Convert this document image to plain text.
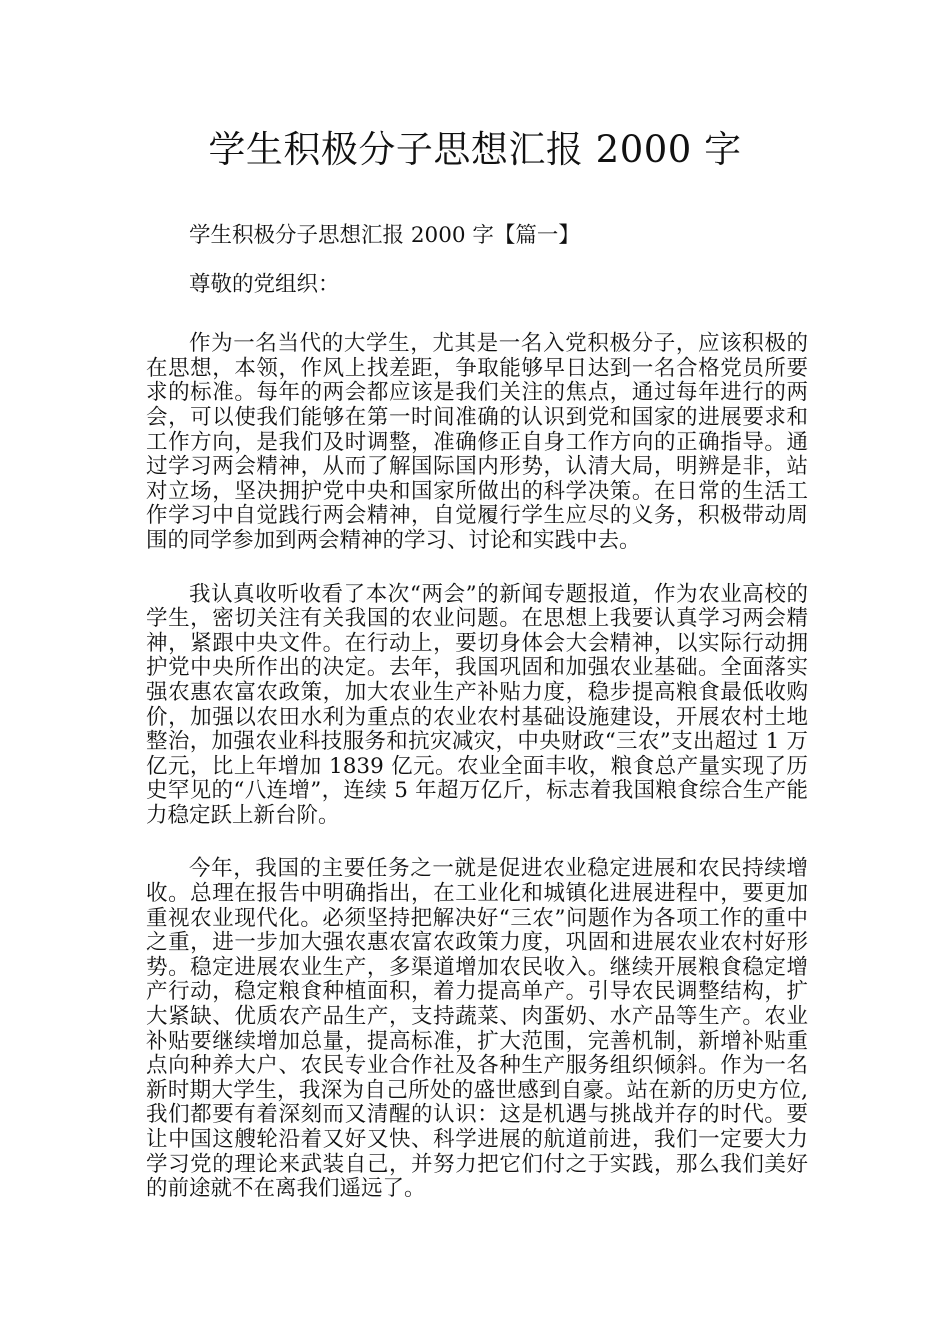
学生积极分子思想汇报 2000 字

学生积极分子思想汇报 2000 字【篇一】

尊敬的党组织：

作为一名当代的大学生，尤其是一名入党积极分子，应该积极的在思想，本领，作风上找差距，争取能够早日达到一名合格党员所要求的标准。每年的两会都应该是我们关注的焦点，通过每年进行的两会，可以使我们能够在第一时间准确的认识到党和国家的进展要求和工作方向，是我们及时调整，准确修正自身工作方向的正确指导。通过学习两会精神，从而了解国际国内形势，认清大局，明辨是非，站对立场，坚决拥护党中央和国家所做出的科学决策。在日常的生活工作学习中自觉践行两会精神，自觉履行学生应尽的义务，积极带动周围的同学参加到两会精神的学习、讨论和实践中去。

我认真收听收看了本次“两会”的新闻专题报道，作为农业高校的学生，密切关注有关我国的农业问题。在思想上我要认真学习两会精神，紧跟中央文件。在行动上，要切身体会大会精神，以实际行动拥护党中央所作出的决定。去年，我国巩固和加强农业基础。全面落实强农惠农富农政策，加大农业生产补贴力度，稳步提高粮食最低收购价，加强以农田水利为重点的农业农村基础设施建设，开展农村土地整治，加强农业科技服务和抗灾减灾，中央财政“三农”支出超过 1 万亿元，比上年增加 1839 亿元。农业全面丰收，粮食总产量实现了历史罕见的“八连增”，连续 5 年超万亿斤，标志着我国粮食综合生产能力稳定跃上新台阶。

今年，我国的主要任务之一就是促进农业稳定进展和农民持续增收。总理在报告中明确指出，在工业化和城镇化进展进程中，要更加重视农业现代化。必须坚持把解决好“三农”问题作为各项工作的重中之重，进一步加大强农惠农富农政策力度，巩固和进展农业农村好形势。稳定进展农业生产，多渠道增加农民收入。继续开展粮食稳定增产行动，稳定粮食种植面积，着力提高单产。引导农民调整结构，扩大紧缺、优质农产品生产，支持蔬菜、肉蛋奶、水产品等生产。农业补贴要继续增加总量，提高标准，扩大范围，完善机制，新增补贴重点向种养大户、农民专业合作社及各种生产服务组织倾斜。作为一名新时期大学生，我深为自己所处的盛世感到自豪。站在新的历史方位,我们都要有着深刻而又清醒的认识：这是机遇与挑战并存的时代。要让中国这艘轮沿着又好又快、科学进展的航道前进，我们一定要大力学习党的理论来武装自己，并努力把它们付之于实践，那么我们美好的前途就不在离我们遥远了。
